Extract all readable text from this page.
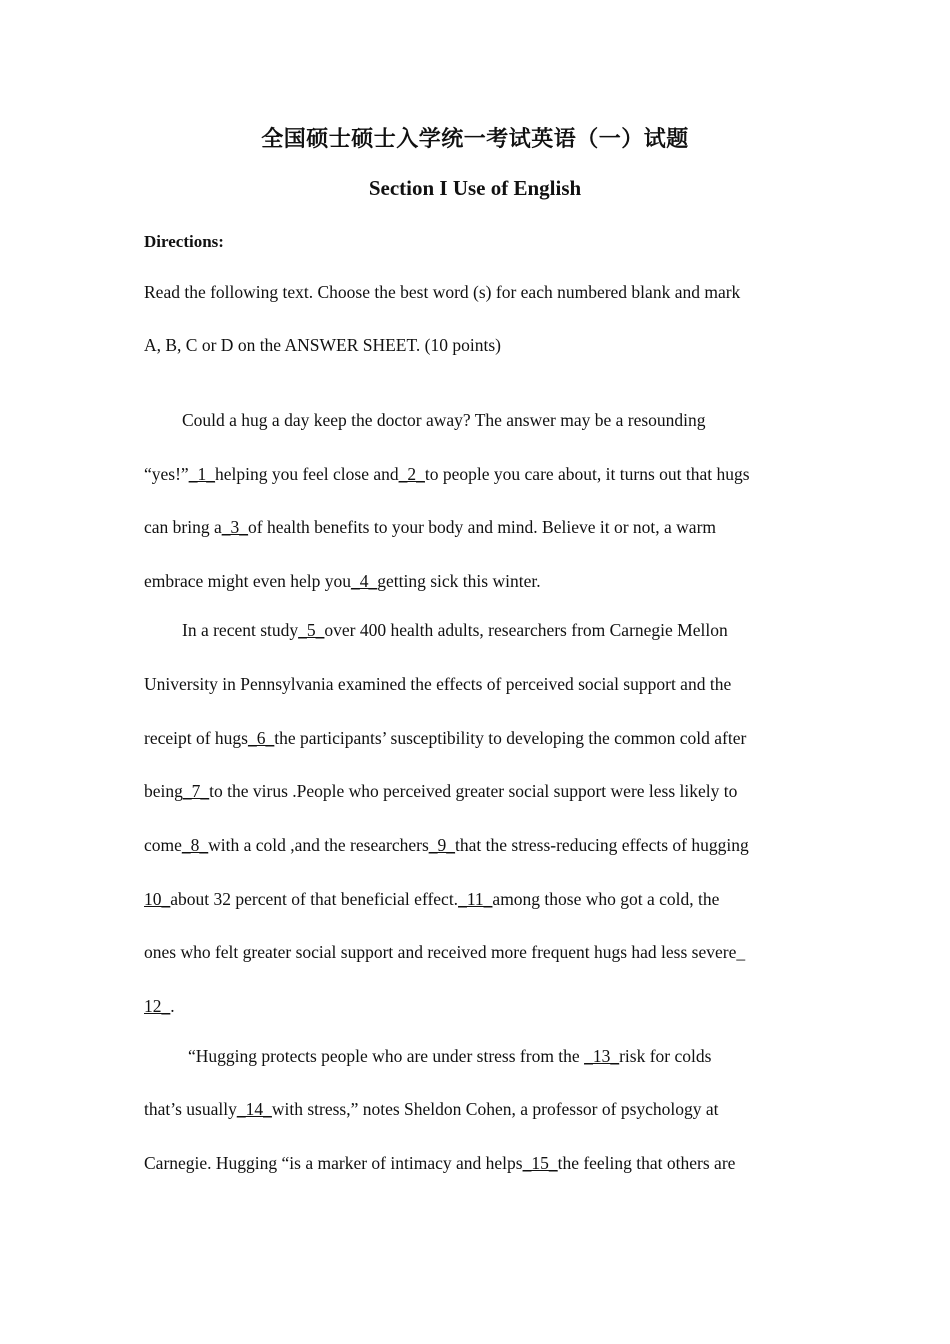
全国硕士硕士入学统一考试英语（一）试题
Section I Use of English
Directions:
Read the following text. Choose the best word (s) for each numbered blank and mark
A, B, C or D on the ANSWER SHEET. (10 points)
Could a hug a day keep the doctor away? The answer may be a resounding
“yes!”_1_helping you feel close and_2_to people you care about, it turns out that hugs
can bring a_3_of health benefits to your body and mind. Believe it or not, a warm
embrace might even help you_4_getting sick this winter.
In a recent study_5_over 400 health adults, researchers from Carnegie Mellon
University in Pennsylvania examined the effects of perceived social support and the
receipt of hugs_6_the participants’ susceptibility to developing the common cold after
being_7_to the virus .People who perceived greater social support were less likely to
come_8_with a cold ,and the researchers_9_that the stress-reducing effects of hugging
10_about 32 percent of that beneficial effect._11_among those who got a cold, the
ones who felt greater social support and received more frequent hugs had less severe_
12_.
“Hugging protects people who are under stress from the _13_risk for colds
that’s usually_14_with stress,” notes Sheldon Cohen, a professor of psychology at
Carnegie. Hugging “is a marker of intimacy and helps_15_the feeling that others are
